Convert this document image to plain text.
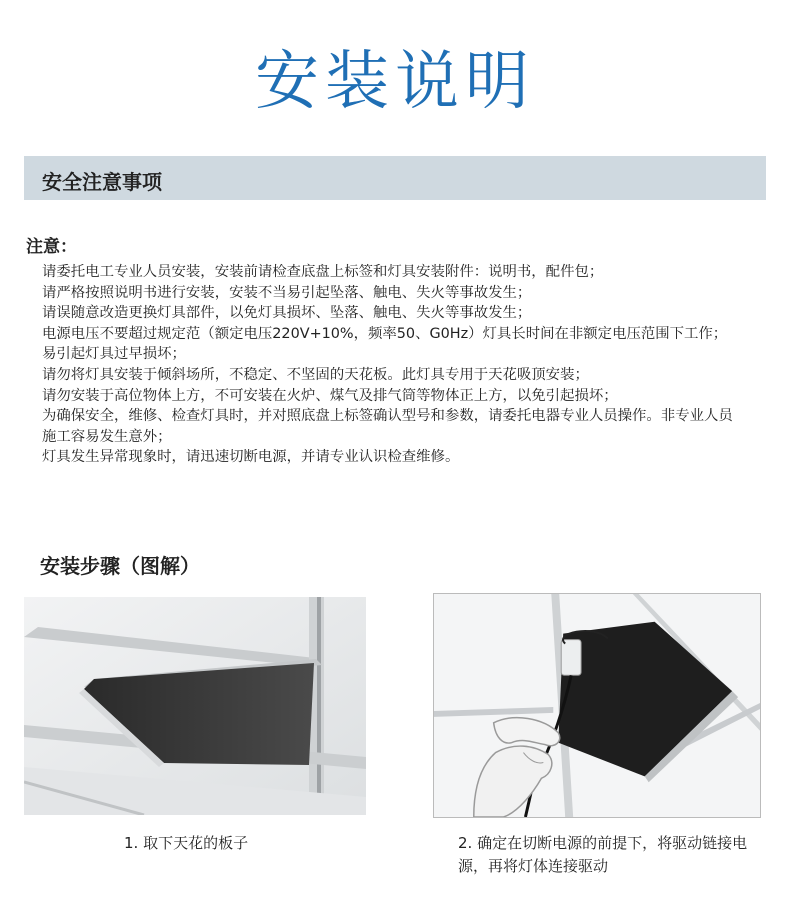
安装说明
安全注意事项
注意：
请委托电工专业人员安装，安装前请检查底盘上标签和灯具安装附件：说明书，配件包；
请严格按照说明书进行安装，安装不当易引起坠落、触电、失火等事故发生；
请误随意改造更换灯具部件，以免灯具损坏、坠落、触电、失火等事故发生；
电源电压不要超过规定范（额定电压220V+10%，频率50、G0Hz）灯具长时间在非额定电压范围下工作；
易引起灯具过早损坏；
请勿将灯具安装于倾斜场所，不稳定、不坚固的天花板。此灯具专用于天花吸顶安装；
请勿安装于高位物体上方，不可安装在火炉、煤气及排气筒等物体正上方，以免引起损坏；
为确保安全，维修、检查灯具时，并对照底盘上标签确认型号和参数，请委托电器专业人员操作。非专业人员施工容易发生意外；
灯具发生异常现象时，请迅速切断电源，并请专业认识检查维修。
安装步骤（图解）
1. 取下天花的板子	2. 确定在切断电源的前提下，将驱动链接电源，再将灯体连接驱动
